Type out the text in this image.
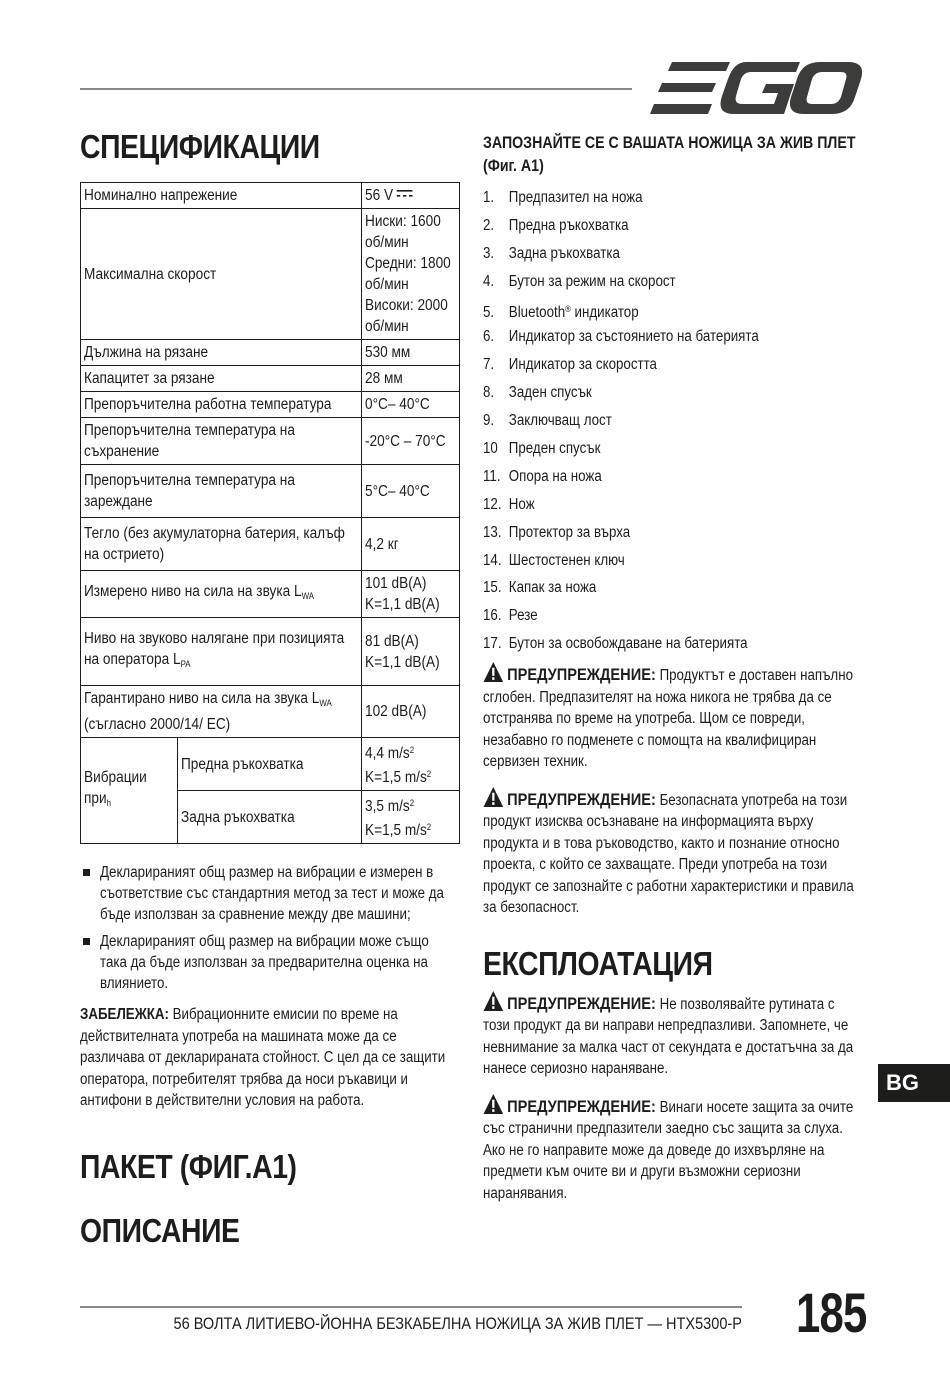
СПЕЦИФИКАЦИИ
Номинално напрежение		56 V

Максимална скорост		Ниски: 1600 об/мин
Средни: 1800 об/мин
Високи: 2000 об/мин

Дължина на рязане		530 мм

Капацитет за рязане		28 мм

Препоръчителна работна температура		0°C– 40°C

Препоръчителна температура на съхранение		-20°C – 70°C

Препоръчителна температура на зареждане		5°C– 40°C

Тегло (без акумулаторна батерия, калъф на острието)		4,2 кг

Измерено ниво на сила на звука $L_{WA}$		101 dB(A)
K=1,1 dB(A)

Ниво на звуково налягане при позицията на оператора $L_{PA}$		81 dB(A)
K=1,1 dB(A)

Гарантирано ниво на сила на звука $L_{WA}$ (съгласно 2000/14/ ЕС)		102 dB(A)

Вибрации при$_h$	Предна ръкохватка	4,4 $m/s^2$
K=1,5 $m/s^2$

	Задна ръкохватка	3,5 $m/s^2$
K=1,5 $m/s^2$
Декларираният общ размер на вибрации е измерен в съответствие със стандартния метод за тест и може да бъде използван за сравнение между две машини;
Декларираният общ размер на вибрации може също така да бъде използван за предварителна оценка на влиянието.
ЗАБЕЛЕЖКА: Вибрационните емисии по време на действителната употреба на машината може да се различава от декларираната стойност. С цел да се защити оператора, потребителят трябва да носи ръкавици и антифони в действителни условия на работа.
ПАКЕТ (ФИГ.А1)
ОПИСАНИЕ
ЗАПОЗНАЙТЕ СЕ С ВАШАТА НОЖИЦА ЗА ЖИВ ПЛЕТ (Фиг. А1)
1. Предпазител на ножа
2. Предна ръкохватка
3. Задна ръкохватка
4. Бутон за режим на скорост
5. Bluetooth® индикатор
6. Индикатор за състоянието на батерията
7. Индикатор за скоростта
8. Заден спусък
9. Заключващ лост
10 Преден спусък
11. Опора на ножа
12. Нож
13. Протектор за върха
14. Шестостенен ключ
15. Капак за ножа
16. Резе
17. Бутон за освобождаване на батерията
ПРЕДУПРЕЖДЕНИЕ: Продуктът е доставен напълно сглобен. Предпазителят на ножа никога не трябва да се отстранява по време на употреба. Щом се повреди, незабавно го подменете с помощта на квалифициран сервизен техник.
ПРЕДУПРЕЖДЕНИЕ: Безопасната употреба на този продукт изисква осъзнаване на информацията върху продукта и в това ръководство, както и познание относно проекта, с който се захващате. Преди употреба на този продукт се запознайте с работни характеристики и правила за безопасност.
ЕКСПЛОАТАЦИЯ
ПРЕДУПРЕЖДЕНИЕ: Не позволявайте рутината с този продукт да ви направи непредпазливи. Запомнете, че невнимание за малка част от секундата е достатъчна за да нанесе сериозно нараняване.
ПРЕДУПРЕЖДЕНИЕ: Винаги носете защита за очите със странични предпазители заедно със защита за слуха. Ако не го направите може да доведе до изхвърляне на предмети към очите ви и други възможни сериозни наранявания.
BG
56 ВОЛТА ЛИТИЕВО-ЙОННА БЕЗКАБЕЛНА НОЖИЦА ЗА ЖИВ ПЛЕТ — HTX5300-P 185
